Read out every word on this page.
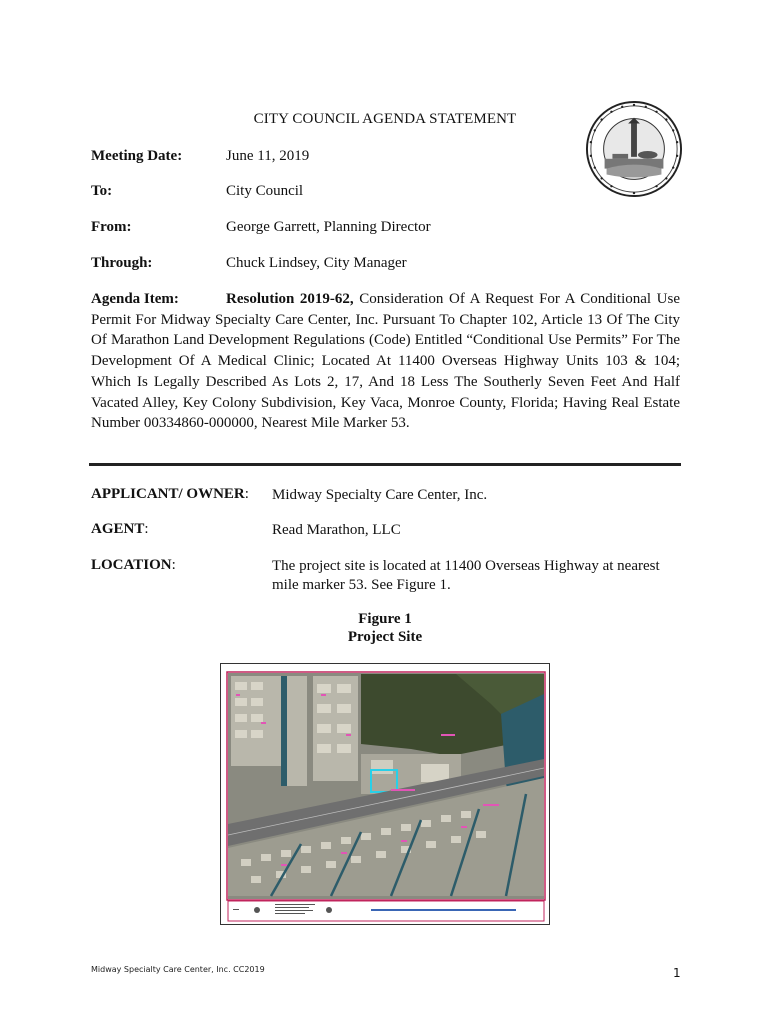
CITY COUNCIL AGENDA STATEMENT
Meeting Date:	June 11, 2019
To:	City Council
From:	George Garrett, Planning Director
Through:	Chuck Lindsey, City Manager
Agenda Item:	Resolution 2019-62, Consideration Of A Request For A Conditional Use Permit For Midway Specialty Care Center, Inc. Pursuant To Chapter 102, Article 13 Of The City Of Marathon Land Development Regulations (Code) Entitled “Conditional Use Permits” For The Development Of A Medical Clinic; Located At 11400 Overseas Highway Units 103 & 104; Which Is Legally Described As Lots 2, 17, And 18 Less The Southerly Seven Feet And Half Vacated Alley, Key Colony Subdivision, Key Vaca, Monroe County, Florida; Having Real Estate Number 00334860-000000, Nearest Mile Marker 53.
APPLICANT/ OWNER: Midway Specialty Care Center, Inc.
AGENT:	Read Marathon, LLC
LOCATION:	The project site is located at 11400 Overseas Highway at nearest mile marker 53. See Figure 1.
Figure 1
Project Site
Midway Specialty Care Center, Inc. CC2019	1
